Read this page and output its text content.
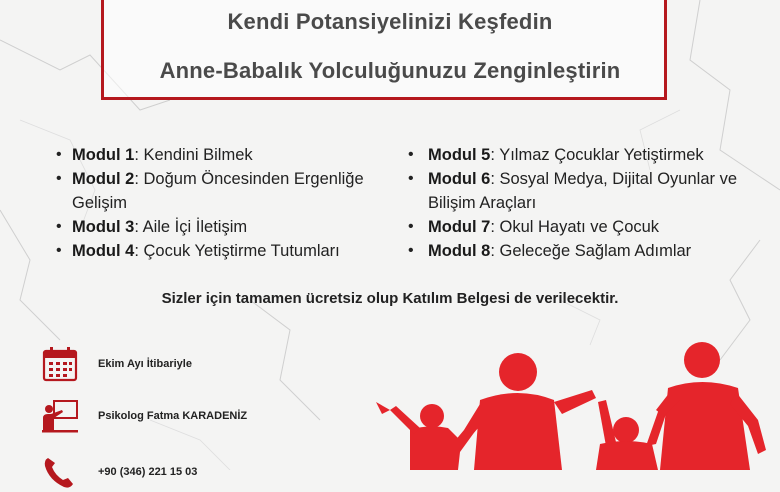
Kendi Potansiyelinizi Keşfedin
Anne-Babalık Yolculuğunuzu Zenginleştirin
• Modul 1: Kendini Bilmek
• Modul 2: Doğum Öncesinden Ergenliğe Gelişim
• Modul 3: Aile İçi İletişim
• Modul 4: Çocuk Yetiştirme Tutumları
• Modul 5: Yılmaz Çocuklar Yetiştirmek
• Modul 6: Sosyal Medya, Dijital Oyunlar ve Bilişim Araçları
• Modul 7: Okul Hayatı ve Çocuk
• Modul 8: Geleceğe Sağlam Adımlar
Sizler için tamamen ücretsiz olup Katılım Belgesi de verilecektir.
Ekim Ayı İtibariyle
Psikolog Fatma KARADENİZ
+90 (346) 221 15 03
